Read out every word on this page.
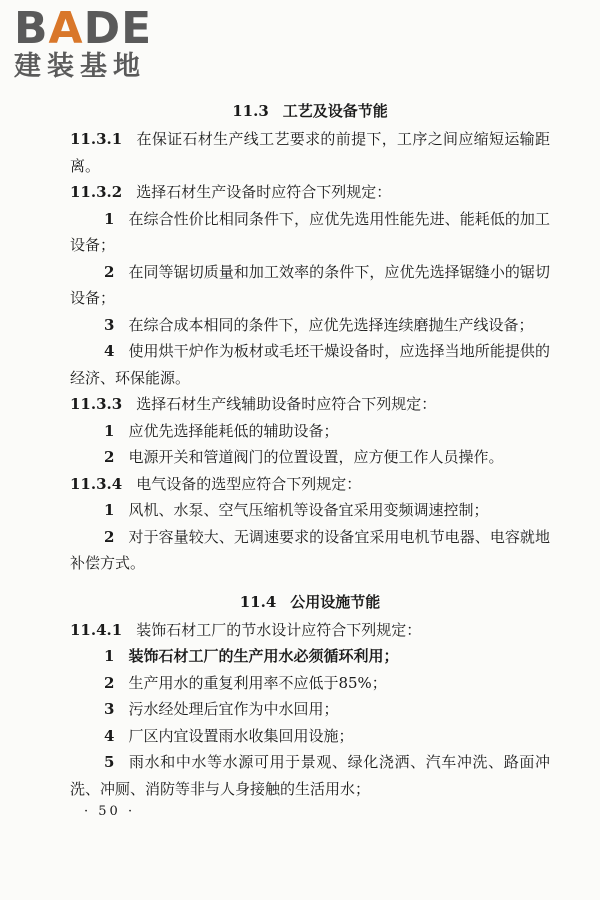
BADE
建装基地
11.3 工艺及设备节能

11.3.1 在保证石材生产线工艺要求的前提下，工序之间应缩短运输距离。

11.3.2 选择石材生产设备时应符合下列规定：

1 在综合性价比相同条件下，应优先选用性能先进、能耗低的加工设备；

2 在同等锯切质量和加工效率的条件下，应优先选择锯缝小的锯切设备；

3 在综合成本相同的条件下，应优先选择连续磨抛生产线设备；

4 使用烘干炉作为板材或毛坯干燥设备时，应选择当地所能提供的经济、环保能源。

11.3.3 选择石材生产线辅助设备时应符合下列规定：

1 应优先选择能耗低的辅助设备；

2 电源开关和管道阀门的位置设置，应方便工作人员操作。

11.3.4 电气设备的选型应符合下列规定：

1 风机、水泵、空气压缩机等设备宜采用变频调速控制；

2 对于容量较大、无调速要求的设备宜采用电机节电器、电容就地补偿方式。

11.4 公用设施节能

11.4.1 装饰石材工厂的节水设计应符合下列规定：

1 装饰石材工厂的生产用水必须循环利用；

2 生产用水的重复利用率不应低于85%；

3 污水经处理后宜作为中水回用；

4 厂区内宜设置雨水收集回用设施；

5 雨水和中水等水源可用于景观、绿化浇洒、汽车冲洗、路面冲洗、冲厕、消防等非与人身接触的生活用水；

· 50 ·
